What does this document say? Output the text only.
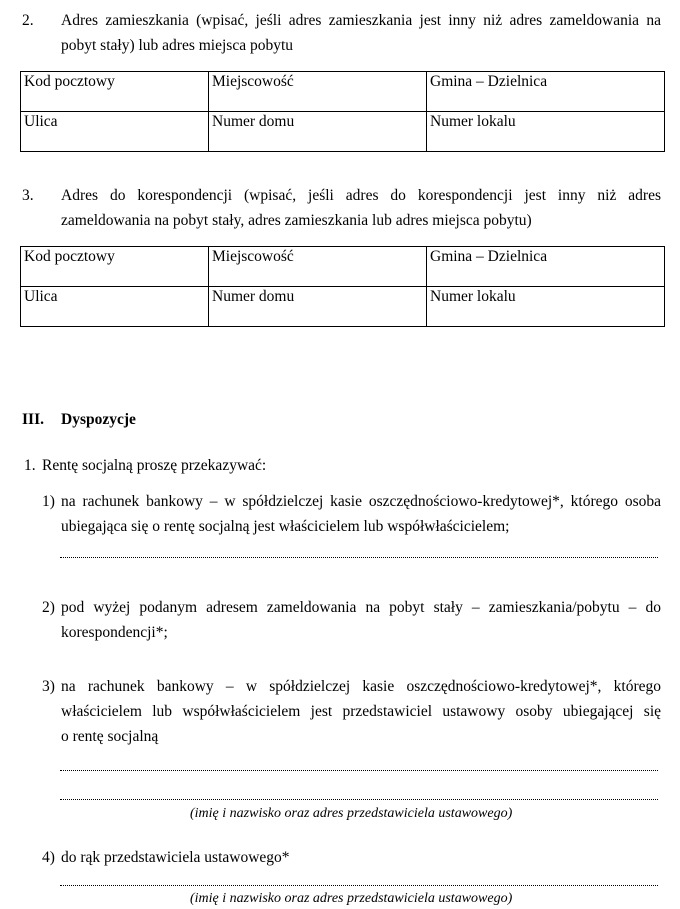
2. Adres zamieszkania (wpisać, jeśli adres zamieszkania jest inny niż adres zameldowania na
pobyt stały) lub adres miejsca pobytu
Kod pocztowy	Miejscowość	Gmina – Dzielnica
Ulica	Numer domu	Numer lokalu
3. Adres do korespondencji (wpisać, jeśli adres do korespondencji jest inny niż adres
zameldowania na pobyt stały, adres zamieszkania lub adres miejsca pobytu)
Kod pocztowy	Miejscowość	Gmina – Dzielnica
Ulica	Numer domu	Numer lokalu
III. Dyspozycje
1. Rentę socjalną proszę przekazywać:
1) na rachunek bankowy – w spółdzielczej kasie oszczędnościowo-kredytowej*, którego osoba
ubiegająca się o rentę socjalną jest właścicielem lub współwłaścicielem;
2) pod wyżej podanym adresem zameldowania na pobyt stały – zamieszkania/pobytu – do
korespondencji*;
3) na rachunek bankowy – w spółdzielczej kasie oszczędnościowo-kredytowej*, którego
właścicielem lub współwłaścicielem jest przedstawiciel ustawowy osoby ubiegającej się
o rentę socjalną
(imię i nazwisko oraz adres przedstawiciela ustawowego)
4) do rąk przedstawiciela ustawowego*
(imię i nazwisko oraz adres przedstawiciela ustawowego)
